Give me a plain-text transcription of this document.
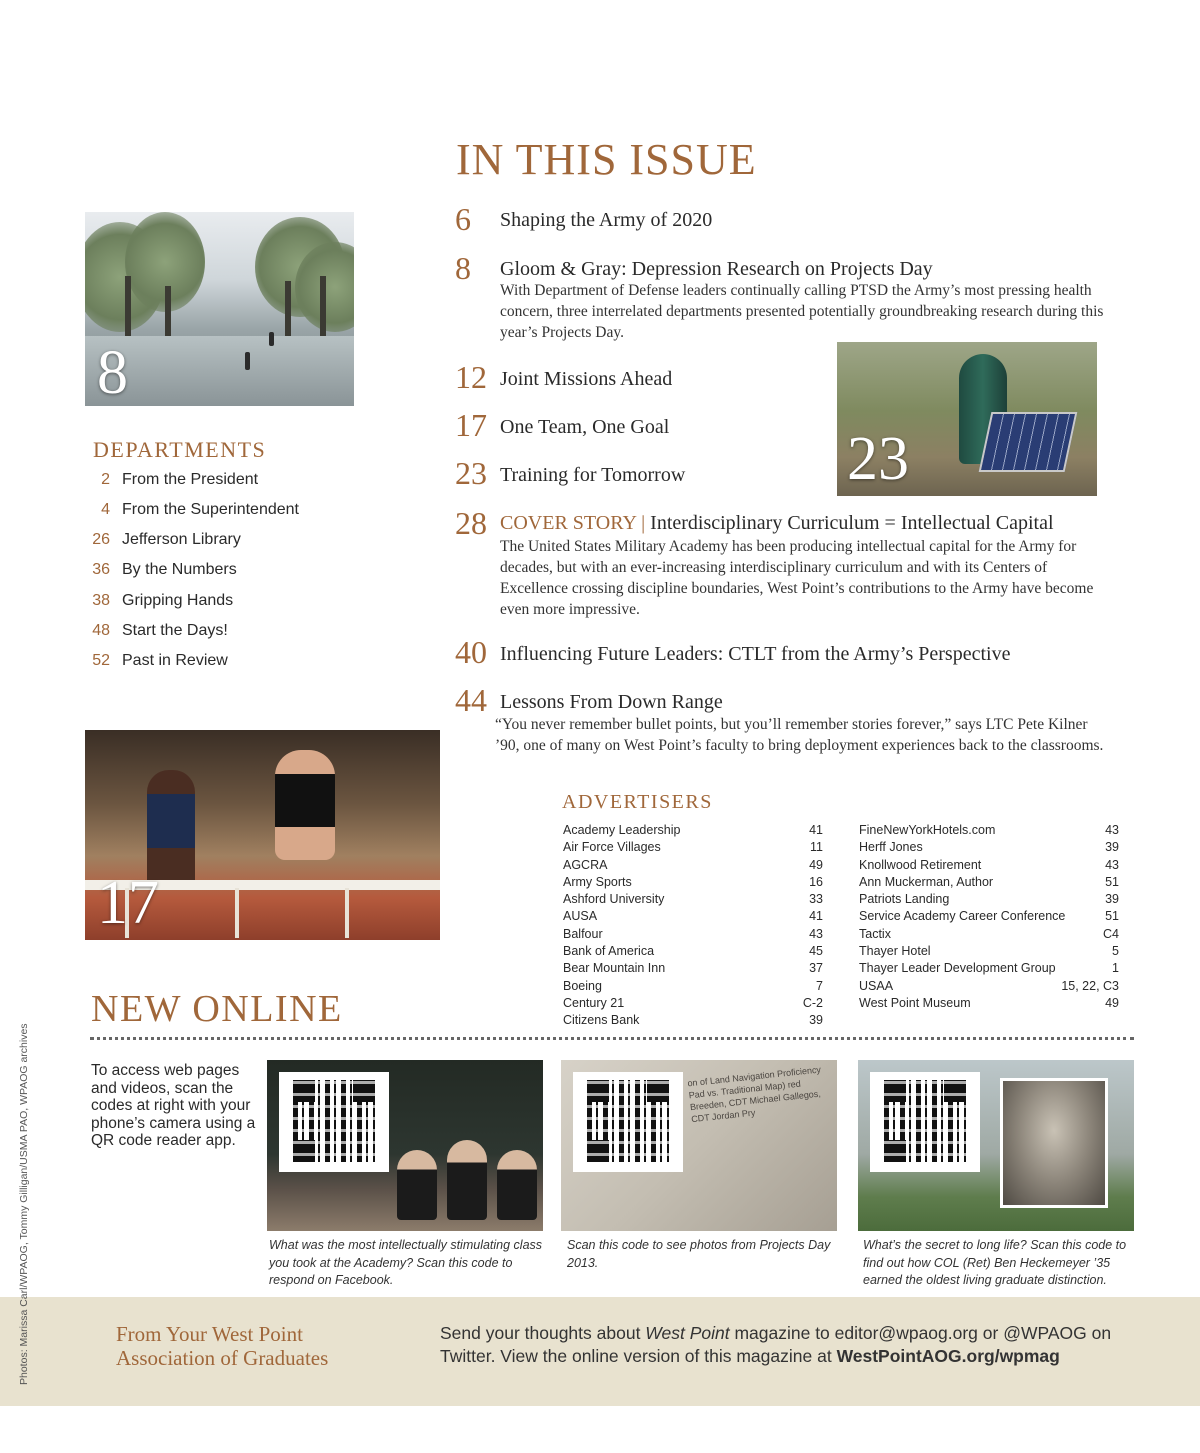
8
23
17
IN THIS ISSUE
6	Shaping the Army of 2020
8	Gloom & Gray: Depression Research on Projects Day
With Department of Defense leaders continually calling PTSD the Army’s most pressing health concern, three interrelated departments presented potentially groundbreaking research during this year’s Projects Day.
12 Joint Missions Ahead
17 One Team, One Goal
23 Training for Tomorrow
28 COVER STORY | Interdisciplinary Curriculum = Intellectual Capital
The United States Military Academy has been producing intellectual capital for the Army for decades, but with an ever-increasing interdisciplinary curriculum and with its Centers of Excellence crossing discipline boundaries, West Point’s contributions to the Army have become even more impressive.
40 Influencing Future Leaders: CTLT from the Army’s Perspective
44 Lessons From Down Range
“You never remember bullet points, but you’ll remember stories forever,” says LTC Pete Kilner ’90, one of many on West Point’s faculty to bring deployment experiences back to the classrooms.
DEPARTMENTS
2 From the President
4 From the Superintendent
26 Jefferson Library
36 By the Numbers
38 Gripping Hands
48 Start the Days!
52 Past in Review
ADVERTISERS
Academy Leadership	41
Air Force Villages	11
AGCRA	49
Army Sports	16
Ashford University	33
AUSA	41
Balfour	43
Bank of America	45
Bear Mountain Inn	37
Boeing	7
Century 21	C-2
Citizens Bank	39
FineNewYorkHotels.com	43
Herff Jones	39
Knollwood Retirement	43
Ann Muckerman, Author	51
Patriots Landing	39
Service Academy Career Conference	51
Tactix	C4
Thayer Hotel	5
Thayer Leader Development Group	1
USAA	15, 22, C3
West Point Museum	49
NEW ONLINE
To access web pages and videos, scan the codes at right with your phone’s camera using a QR code reader app.
on of Land Navigation Proficiency Pad vs. Traditional Map) red Breeden, CDT Michael Gallegos, CDT Jordan Pry
What was the most intellectually stimulating class you took at the Academy? Scan this code to respond on Facebook.
Scan this code to see photos from Projects Day 2013.
What’s the secret to long life? Scan this code to find out how COL (Ret) Ben Heckemeyer ’35 earned the oldest living graduate distinction.
From Your West Point
Association of Graduates
Send your thoughts about West Point magazine to editor@wpaog.org or @WPAOG on Twitter. View the online version of this magazine at WestPointAOG.org/wpmag
Photos: Marissa Carl/WPAOG, Tommy Gilligan/USMA PAO, WPAOG archives
